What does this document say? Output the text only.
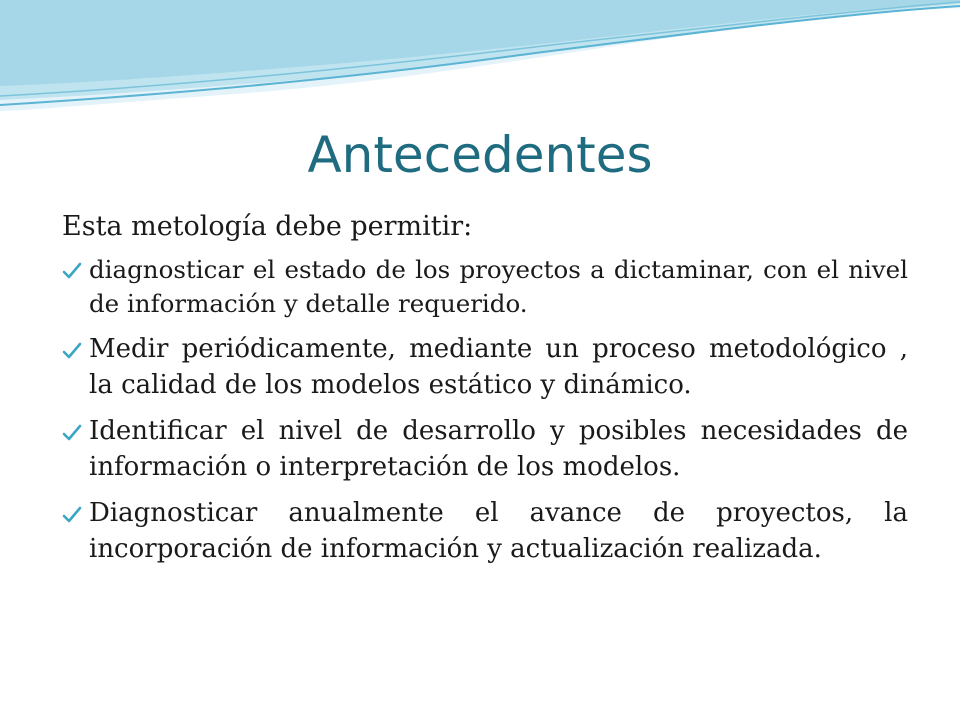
Antecedentes
Esta metología debe permitir:
diagnosticar el estado de los proyectos a dictaminar, con el nivel de información y detalle requerido.
Medir periódicamente, mediante un proceso metodológico , la calidad de los modelos estático y dinámico.
Identificar el nivel de desarrollo y posibles necesidades de información o interpretación de los modelos.
Diagnosticar anualmente el avance de proyectos, la incorporación de información y actualización realizada.
